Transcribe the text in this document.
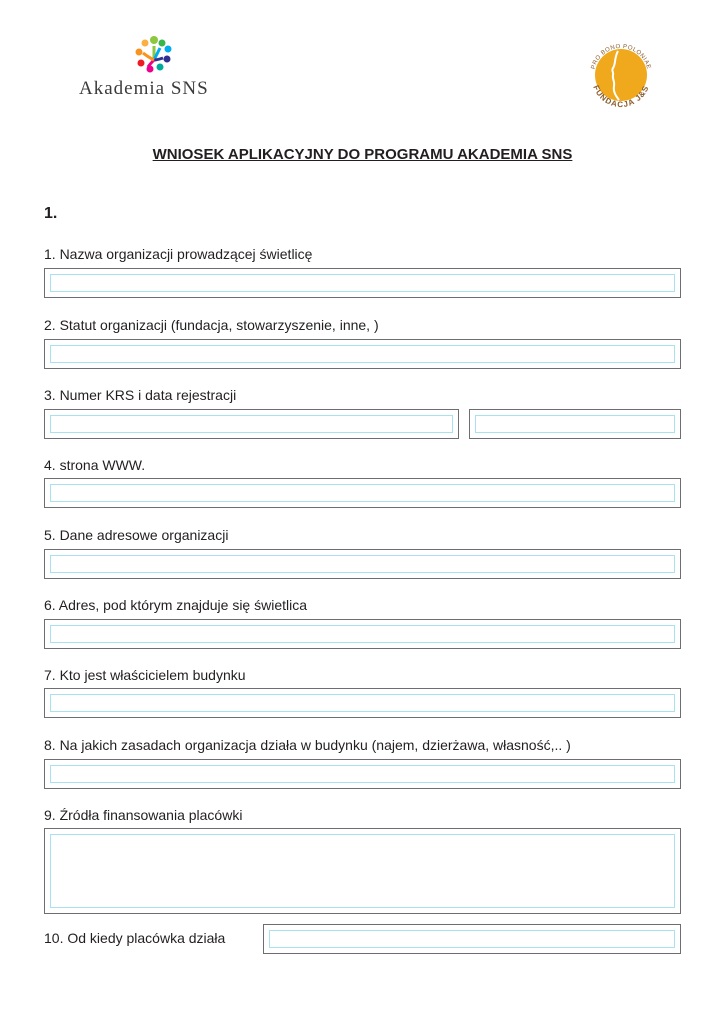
Akademia SNS
PRO BONO POLONIAE
FUNDACJA J&S
WNIOSEK APLIKACYJNY DO PROGRAMU AKADEMIA SNS
1.
1. Nazwa organizacji prowadzącej świetlicę
2. Statut organizacji (fundacja, stowarzyszenie, inne, )
3. Numer KRS i data rejestracji
4. strona WWW.
5. Dane adresowe organizacji
6. Adres, pod którym znajduje się świetlica
7. Kto jest właścicielem budynku
8. Na jakich zasadach organizacja działa w budynku (najem, dzierżawa, własność,.. )
9. Źródła finansowania placówki
10. Od kiedy placówka działa
